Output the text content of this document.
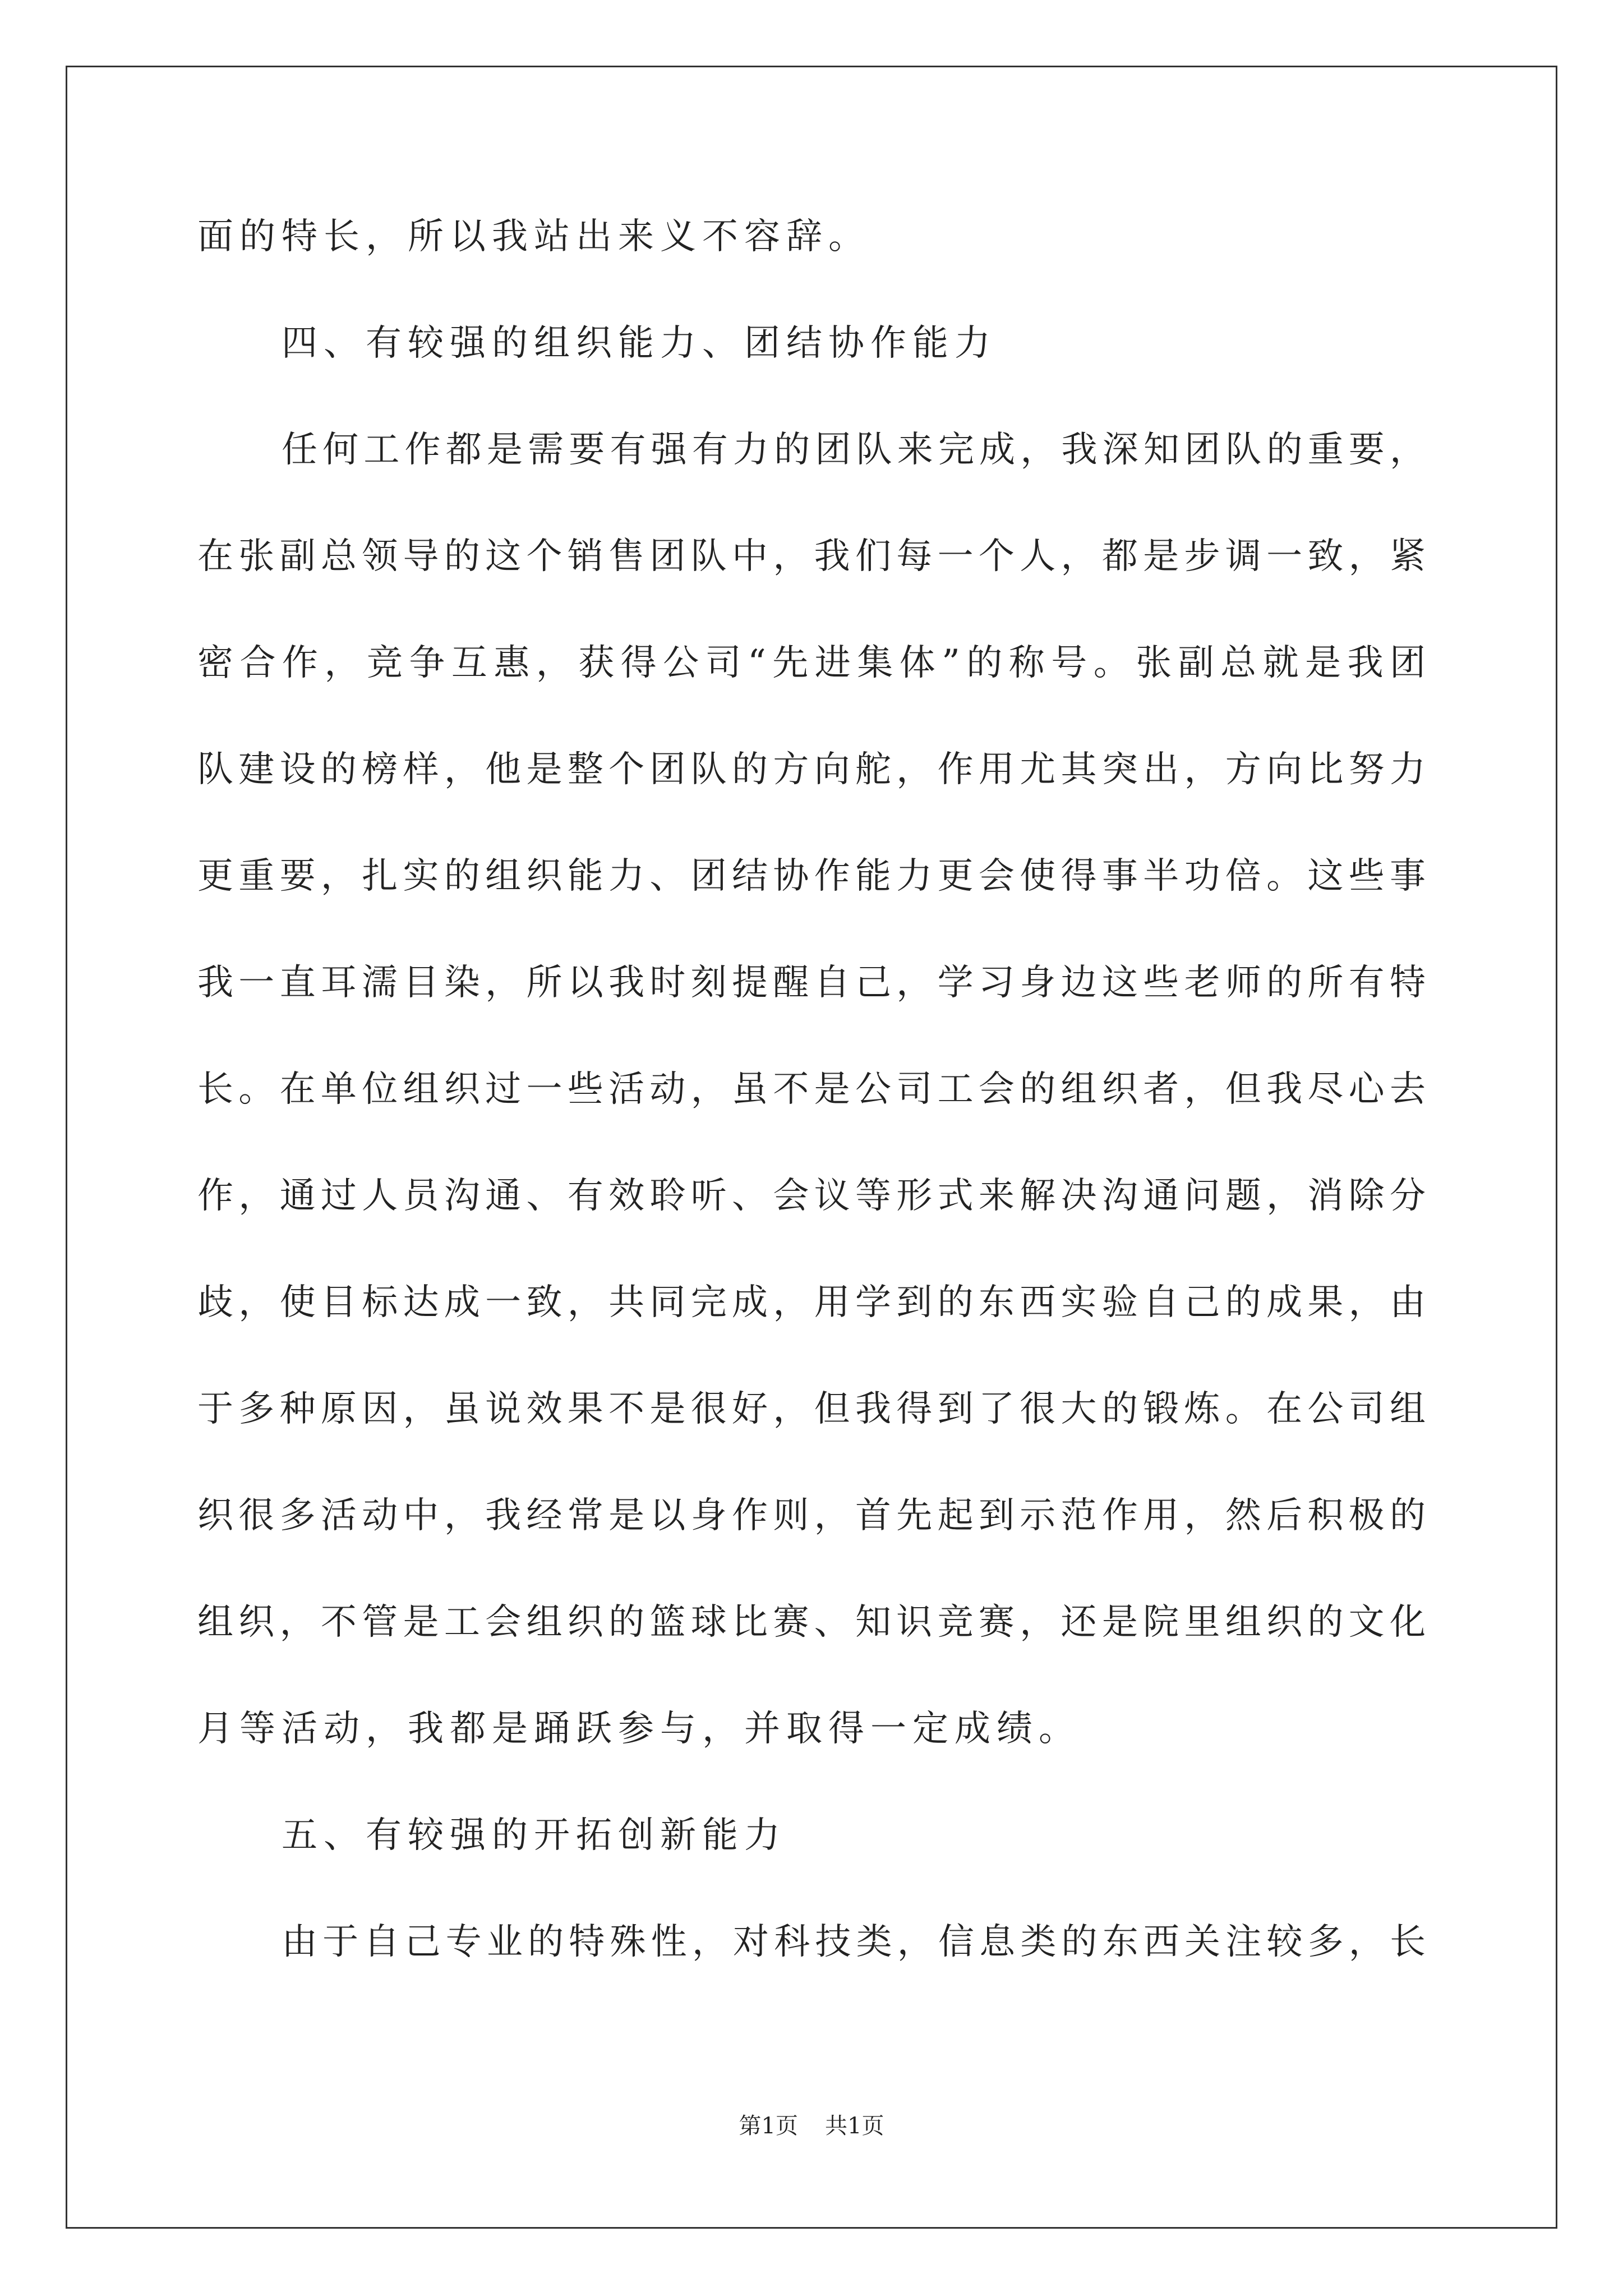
面的特长，所以我站出来义不容辞。

四、有较强的组织能力、团结协作能力

任何工作都是需要有强有力的团队来完成，我深知团队的重要，

在张副总领导的这个销售团队中，我们每一个人，都是步调一致，紧

密合作，竞争互惠，获得公司“先进集体”的称号。张副总就是我团

队建设的榜样，他是整个团队的方向舵，作用尤其突出，方向比努力

更重要，扎实的组织能力、团结协作能力更会使得事半功倍。这些事

我一直耳濡目染，所以我时刻提醒自己，学习身边这些老师的所有特

长。在单位组织过一些活动，虽不是公司工会的组织者，但我尽心去

作，通过人员沟通、有效聆听、会议等形式来解决沟通问题，消除分

歧，使目标达成一致，共同完成，用学到的东西实验自己的成果，由

于多种原因，虽说效果不是很好，但我得到了很大的锻炼。在公司组

织很多活动中，我经常是以身作则，首先起到示范作用，然后积极的

组织，不管是工会组织的篮球比赛、知识竞赛，还是院里组织的文化

月等活动，我都是踊跃参与，并取得一定成绩。

五、有较强的开拓创新能力

由于自己专业的特殊性，对科技类，信息类的东西关注较多，长

第1页 共1页
